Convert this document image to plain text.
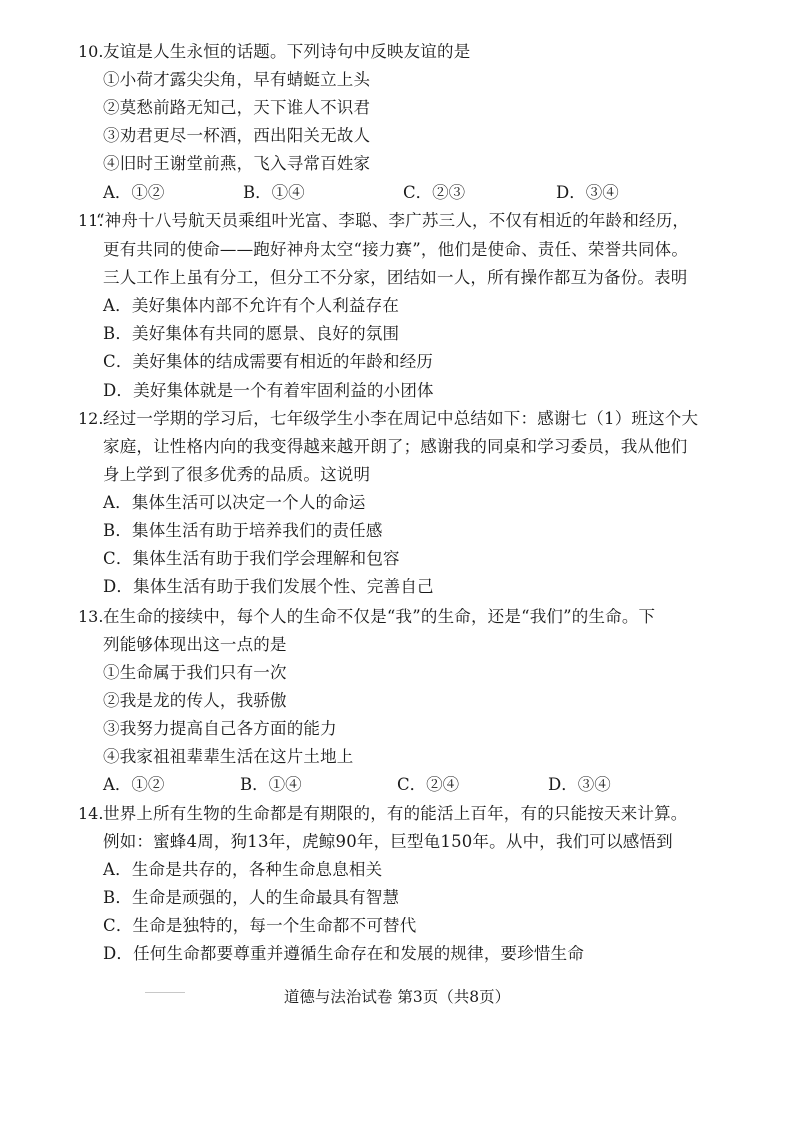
10. 友谊是人生永恒的话题。下列诗句中反映友谊的是
①小荷才露尖尖角，早有蜻蜓立上头
②莫愁前路无知己，天下谁人不识君
③劝君更尽一杯酒，西出阳关无故人
④旧时王谢堂前燕，飞入寻常百姓家
A．①②	B．①④	C．②③	D．③④
11.
“神舟十八号航天员乘组叶光富、李聪、李广苏三人，不仅有相近的年龄和经历，
更有共同的使命——跑好神舟太空“接力赛”，他们是使命、责任、荣誉共同体。
三人工作上虽有分工，但分工不分家，团结如一人，所有操作都互为备份。表明
A．美好集体内部不允许有个人利益存在
B．美好集体有共同的愿景、良好的氛围
C．美好集体的结成需要有相近的年龄和经历
D．美好集体就是一个有着牢固利益的小团体
12. 经过一学期的学习后，七年级学生小李在周记中总结如下：感谢七（1）班这个大
家庭，让性格内向的我变得越来越开朗了；感谢我的同桌和学习委员，我从他们
身上学到了很多优秀的品质。这说明
A．集体生活可以决定一个人的命运
B．集体生活有助于培养我们的责任感
C．集体生活有助于我们学会理解和包容
D．集体生活有助于我们发展个性、完善自己
13. 在生命的接续中，每个人的生命不仅是“我”的生命，还是“我们”的生命。下
列能够体现出这一点的是
①生命属于我们只有一次
②我是龙的传人，我骄傲
③我努力提高自己各方面的能力
④我家祖祖辈辈生活在这片土地上
A．①②	B．①④	C．②④	D．③④
14. 世界上所有生物的生命都是有期限的，有的能活上百年，有的只能按天来计算。
例如：蜜蜂4周，狗13年，虎鲸90年，巨型龟150年。从中，我们可以感悟到
A．生命是共存的，各种生命息息相关
B．生命是顽强的，人的生命最具有智慧
C．生命是独特的，每一个生命都不可替代
D．任何生命都要尊重并遵循生命存在和发展的规律，要珍惜生命
道德与法治试卷 第3页（共8页）
